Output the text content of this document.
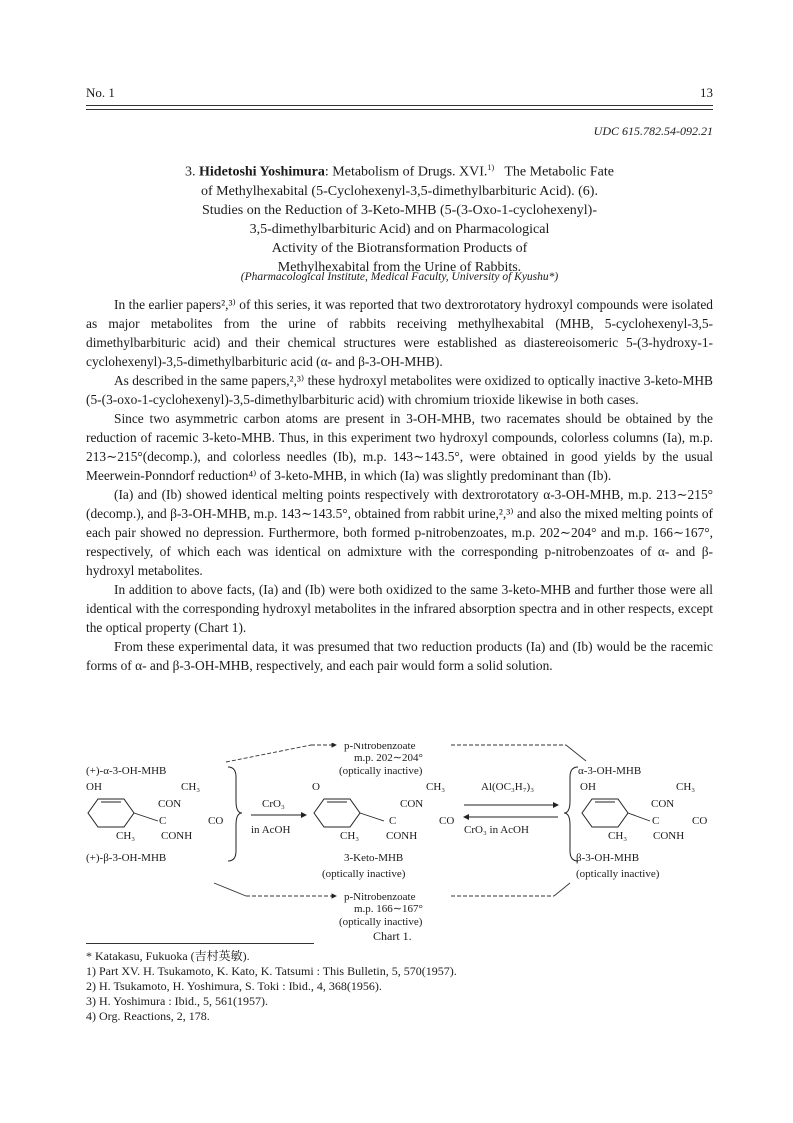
No. 1	13
UDC 615.782.54-092.21
3. Hidetoshi Yoshimura: Metabolism of Drugs. XVI.$^{1)}$   The Metabolic Fate
of Methylhexabital (5-Cyclohexenyl-3,5-dimethylbarbituric Acid). (6).
Studies on the Reduction of 3-Keto-MHB (5-(3-Oxo-1-cyclohexenyl)-
3,5-dimethylbarbituric Acid) and on Pharmacological
Activity of the Biotransformation Products of
Methylhexabital from the Urine of Rabbits.
(Pharmacological Institute, Medical Faculty, University of Kyushu*)

In the earlier papers²,³⁾ of this series, it was reported that two dextrorotatory hydroxyl compounds were isolated as major metabolites from the urine of rabbits receiving methylhexabital (MHB, 5-cyclohexenyl-3,5-dimethylbarbituric acid) and their chemical structures were established as diastereoisomeric 5-(3-hydroxy-1-cyclohexenyl)-3,5-dimethylbarbituric acid (α- and β-3-OH-MHB).

As described in the same papers,²,³⁾ these hydroxyl metabolites were oxidized to optically inactive 3-keto-MHB (5-(3-oxo-1-cyclohexenyl)-3,5-dimethylbarbituric acid) with chromium trioxide likewise in both cases.

Since two asymmetric carbon atoms are present in 3-OH-MHB, two racemates should be obtained by the reduction of racemic 3-keto-MHB. Thus, in this experiment two hydroxyl compounds, colorless columns (Ia), m.p. 213∼215°(decomp.), and colorless needles (Ib), m.p. 143∼143.5°, were obtained in good yields by the usual Meerwein-Ponndorf reduction⁴⁾ of 3-keto-MHB, in which (Ia) was slightly predominant than (Ib).

(Ia) and (Ib) showed identical melting points respectively with dextrorotatory α-3-OH-MHB, m.p. 213∼215°(decomp.), and β-3-OH-MHB, m.p. 143∼143.5°, obtained from rabbit urine,²,³⁾ and also the mixed melting points of each pair showed no depression. Furthermore, both formed p-nitrobenzoates, m.p. 202∼204° and m.p. 166∼167°, respectively, of which each was identical on admixture with the corresponding p-nitrobenzoates of α- and β-hydroxyl metabolites.

In addition to above facts, (Ia) and (Ib) were both oxidized to the same 3-keto-MHB and further those were all identical with the corresponding hydroxyl metabolites in the infrared absorption spectra and in other respects, except the optical property (Chart 1).

From these experimental data, it was presumed that two reduction products (Ia) and (Ib) would be the racemic forms of α- and β-3-OH-MHB, respectively, and each pair would form a solid solution.

p-Nitrobenzoate
m.p. 202∼204°
(optically inactive)
(+)-α-3-OH-MHB
OH	CH₃
CON
C	CO
CH₃ CONH
(+)-β-3-OH-MHB
CrO₃
in AcOH
O	CH₃
CON
C	CO
CH₃ CONH
3-Keto-MHB
(optically inactive)
Al(OC₃H₇)₃
CrO₃ in AcOH
α-3-OH-MHB
OH	CH₃
CON
C	CO
CH₃ CONH
β-3-OH-MHB
(optically inactive)
p-Nitrobenzoate
m.p. 166∼167°
(optically inactive)
Chart 1.
* Katakasu, Fukuoka (吉村英敏).
1) Part XV. H. Tsukamoto, K. Kato, K. Tatsumi : This Bulletin, 5, 570(1957).
2) H. Tsukamoto, H. Yoshimura, S. Toki : Ibid., 4, 368(1956).
3) H. Yoshimura : Ibid., 5, 561(1957).
4) Org. Reactions, 2, 178.
